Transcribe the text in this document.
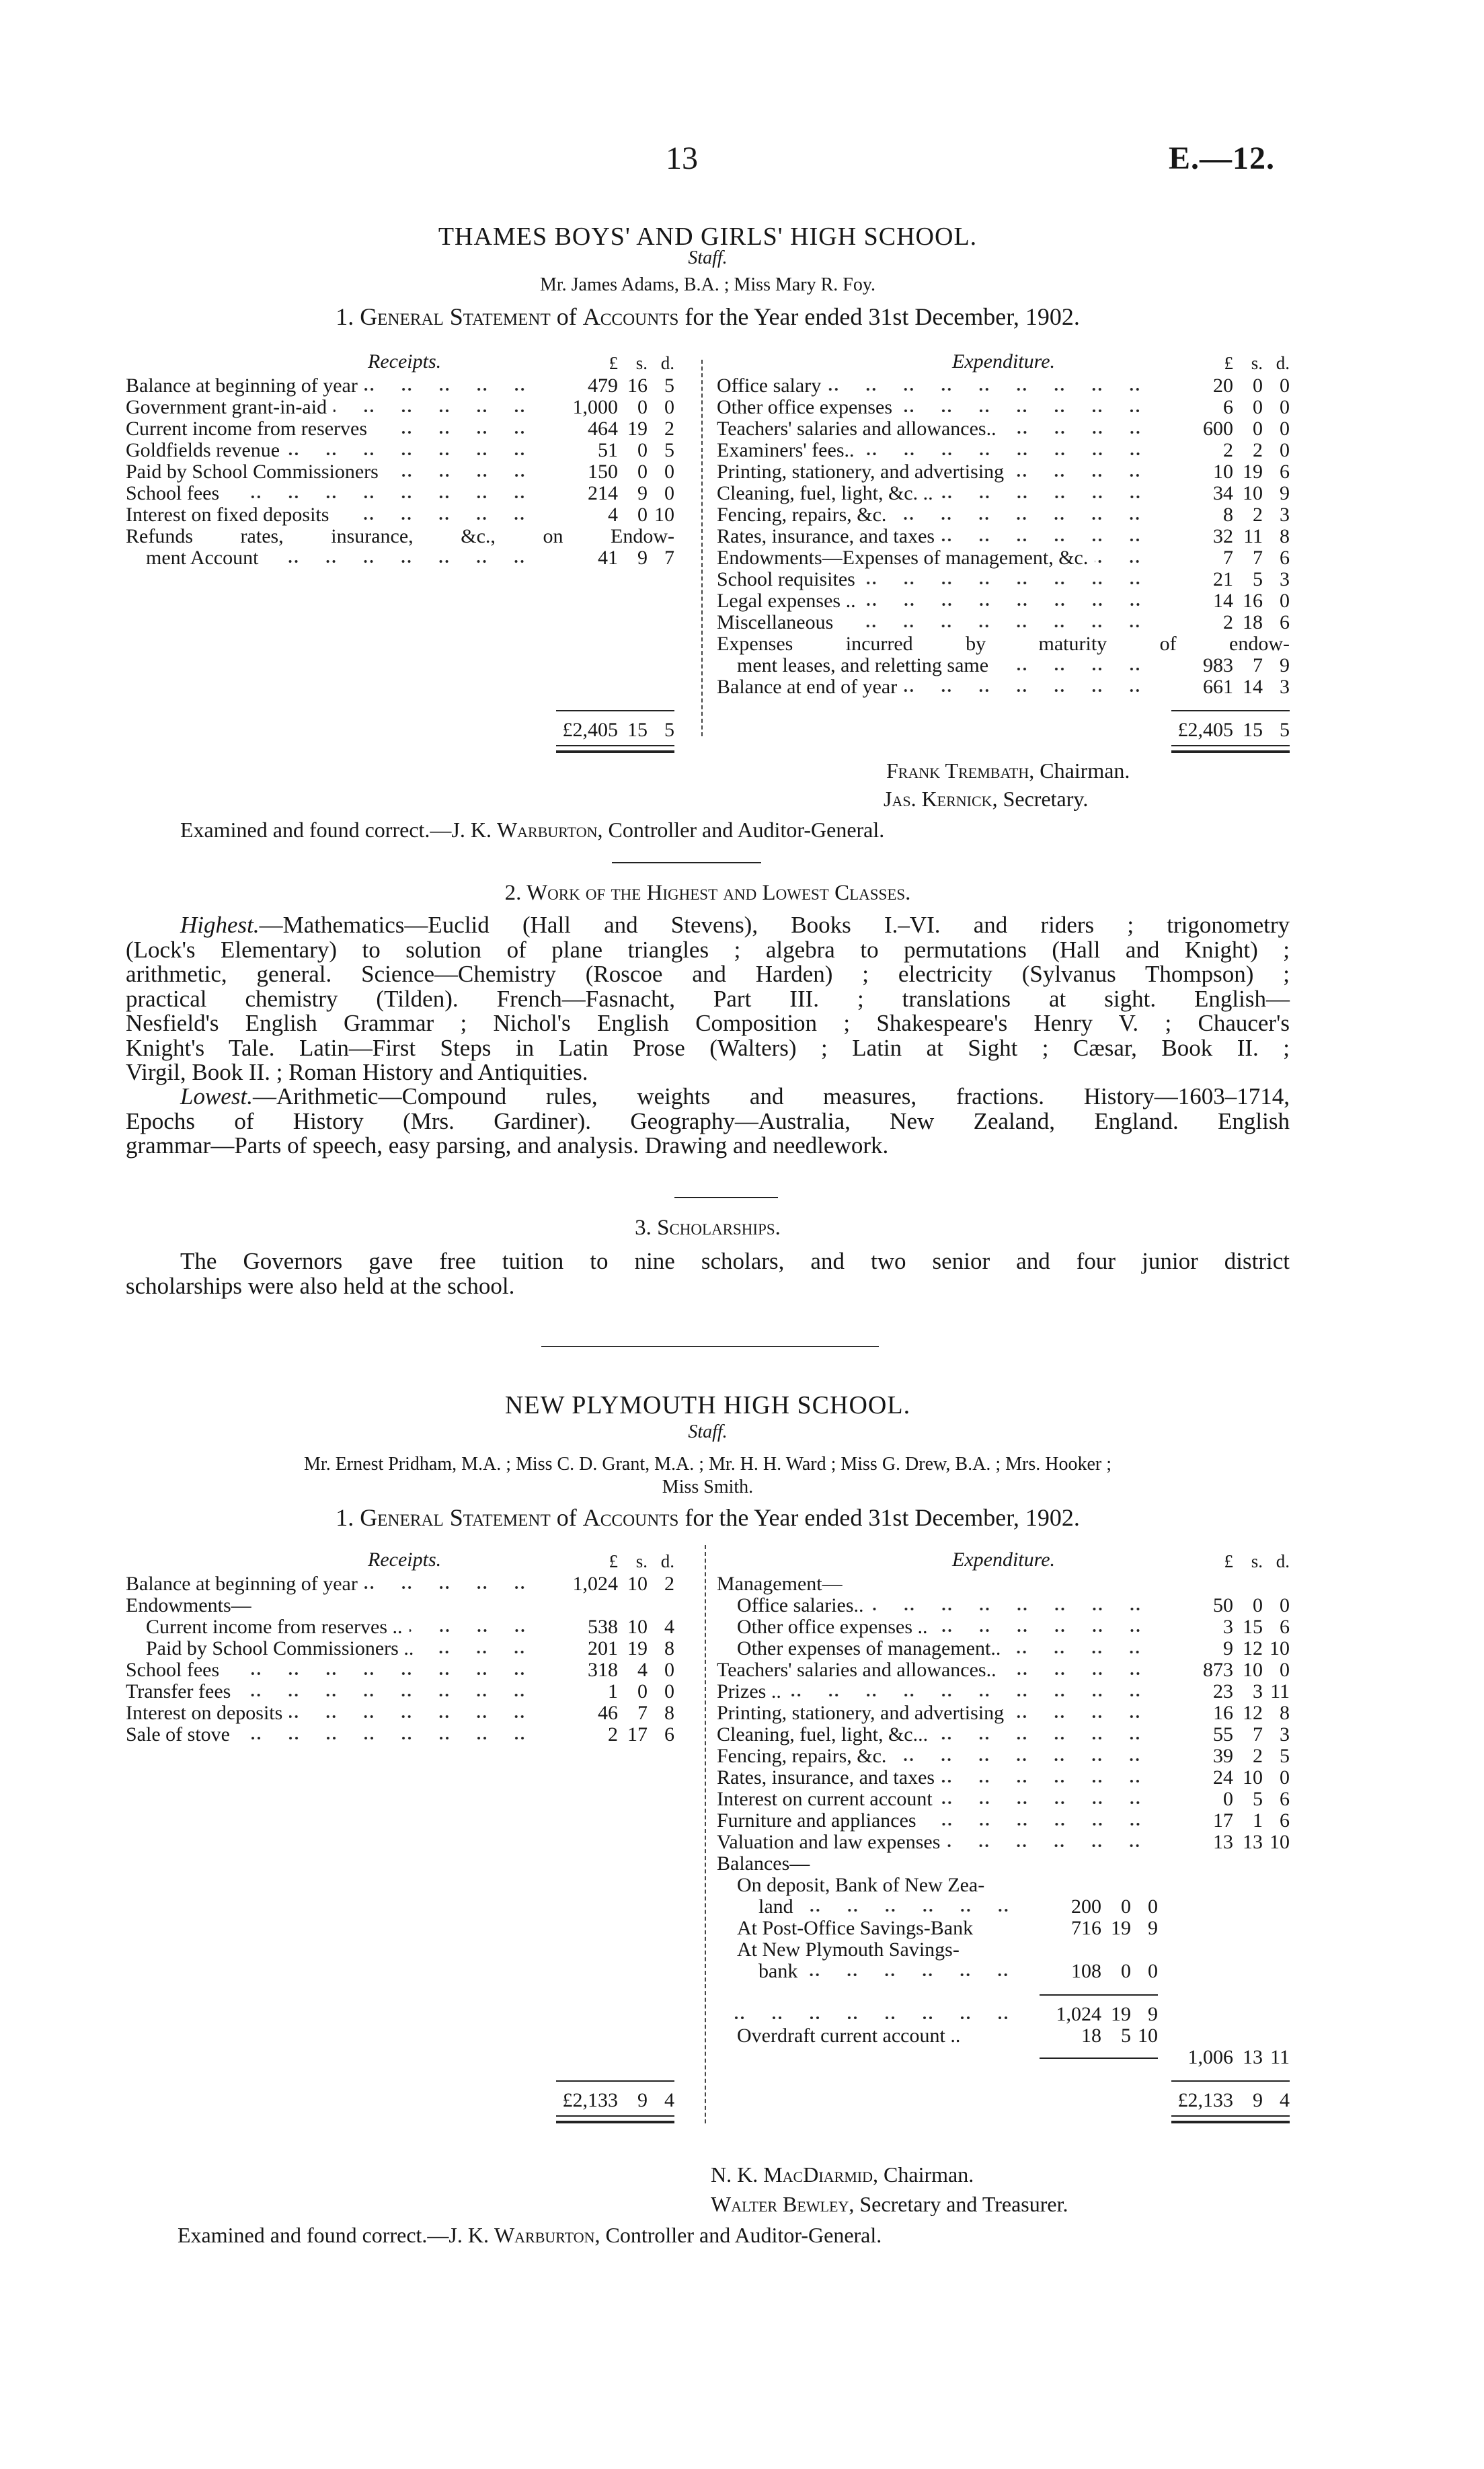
13	E.—12.
THAMES BOYS' AND GIRLS' HIGH SCHOOL.
Staff.
Mr. James Adams, B.A. ; Miss Mary R. Foy.
1. General Statement of Accounts for the Year ended 31st December, 1902.
Receipts.	£ s. d.
Balance at beginning of year	479 16 5
Government grant-in-aid	1,000 0 0
Current income from reserves	464 19 2
Goldfields revenue	51 0 5
Paid by School Commissioners	150 0 0
School fees	214 9 0
Interest on fixed deposits	4 0 10
Refunds rates, insurance, &c., on Endow-
ment Account	41 9 7
£2,405 15 5
Expenditure.	£ s. d.
Office salary	20 0 0
Other office expenses	6 0 0
Teachers' salaries and allowances..	600 0 0
Examiners' fees..	2 2 0
Printing, stationery, and advertising	10 19 6
Cleaning, fuel, light, &c. ..	34 10 9
Fencing, repairs, &c.	8 2 3
Rates, insurance, and taxes	32 11 8
Endowments—Expenses of management, &c.	7 7 6
School requisites	21 5 3
Legal expenses ..	14 16 0
Miscellaneous	2 18 6
Expenses incurred by maturity of endow-
ment leases, and reletting same	983 7 9
Balance at end of year	661 14 3
£2,405 15 5
Frank Trembath, Chairman.
Jas. Kernick, Secretary.
Examined and found correct.—J. K. Warburton, Controller and Auditor-General.
2. Work of the Highest and Lowest Classes.
Highest.—Mathematics—Euclid (Hall and Stevens), Books I.–VI. and riders ; trigonometry
(Lock's Elementary) to solution of plane triangles ; algebra to permutations (Hall and Knight) ;
arithmetic, general. Science—Chemistry (Roscoe and Harden) ; electricity (Sylvanus Thompson) ;
practical chemistry (Tilden). French—Fasnacht, Part III. ; translations at sight. English—
Nesfield's English Grammar ; Nichol's English Composition ; Shakespeare's Henry V. ; Chaucer's
Knight's Tale. Latin—First Steps in Latin Prose (Walters) ; Latin at Sight ; Cæsar, Book II. ;
Virgil, Book II. ; Roman History and Antiquities.
Lowest.—Arithmetic—Compound rules, weights and measures, fractions. History—1603–1714,
Epochs of History (Mrs. Gardiner). Geography—Australia, New Zealand, England. English
grammar—Parts of speech, easy parsing, and analysis. Drawing and needlework.
3. Scholarships.
The Governors gave free tuition to nine scholars, and two senior and four junior district
scholarships were also held at the school.
NEW PLYMOUTH HIGH SCHOOL.
Staff.
Mr. Ernest Pridham, M.A. ; Miss C. D. Grant, M.A. ; Mr. H. H. Ward ; Miss G. Drew, B.A. ; Mrs. Hooker ;
Miss Smith.
1. General Statement of Accounts for the Year ended 31st December, 1902.
Receipts.	£ s. d.
Balance at beginning of year	1,024 10 2
Endowments—
Current income from reserves ..	538 10 4
Paid by School Commissioners ..	201 19 8
School fees	318 4 0
Transfer fees	1 0 0
Interest on deposits	46 7 8
Sale of stove	2 17 6
£2,133 9 4
Expenditure.	£ s. d.
Management—
Office salaries..	50 0 0
Other office expenses ..	3 15 6
Other expenses of management..	9 12 10
Teachers' salaries and allowances..	873 10 0
Prizes ..	23 3 11
Printing, stationery, and advertising	16 12 8
Cleaning, fuel, light, &c...	55 7 3
Fencing, repairs, &c.	39 2 5
Rates, insurance, and taxes	24 10 0
Interest on current account	0 5 6
Furniture and appliances	17 1 6
Valuation and law expenses	13 13 10
Balances—
On deposit, Bank of New Zea-
land	200 0 0
At Post-Office Savings-Bank	716 19 9
At New Plymouth Savings-
bank	108 0 0
1,024 19 9
Overdraft current account ..	18 5 10
1,006 13 11
£2,133 9 4
N. K. MacDiarmid, Chairman.
Walter Bewley, Secretary and Treasurer.
Examined and found correct.—J. K. Warburton, Controller and Auditor-General.
